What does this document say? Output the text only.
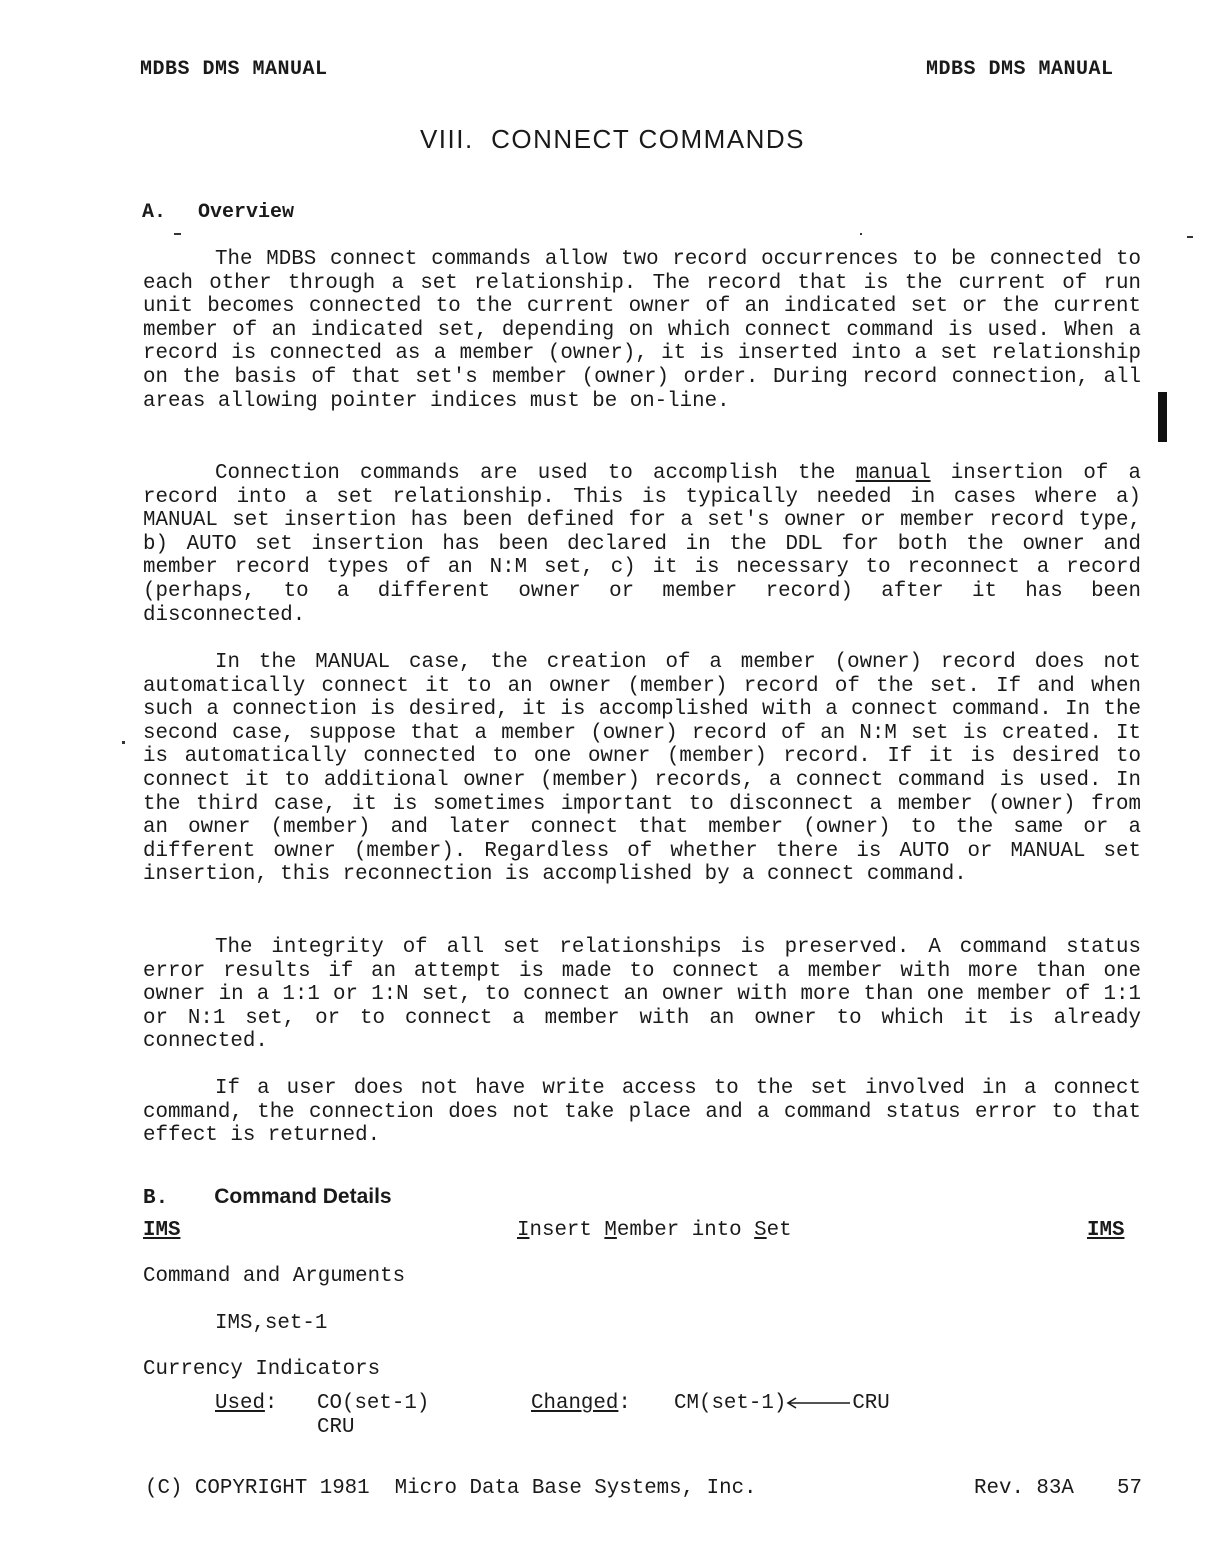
MDBS DMS MANUAL	MDBS DMS MANUAL
VIII.  CONNECT COMMANDS
A. Overview
The MDBS connect commands allow two record occurrences to be connected to each other through a set relationship. The record that is the current of run unit becomes connected to the current owner of an indicated set or the current member of an indicated set, depending on which connect command is used. When a record is connected as a member (owner), it is inserted into a set relationship on the basis of that set's member (owner) order. During record connection, all areas allowing pointer indices must be on-line.
Connection commands are used to accomplish the manual insertion of a record into a set relationship. This is typically needed in cases where a) MANUAL set insertion has been defined for a set's owner or member record type, b) AUTO set insertion has been declared in the DDL for both the owner and member record types of an N:M set, c) it is necessary to reconnect a record (perhaps, to a different owner or member record) after it has been disconnected.
In the MANUAL case, the creation of a member (owner) record does not automatically connect it to an owner (member) record of the set. If and when such a connection is desired, it is accomplished with a connect command. In the second case, suppose that a member (owner) record of an N:M set is created. It is automatically connected to one owner (member) record. If it is desired to connect it to additional owner (member) records, a connect command is used. In the third case, it is sometimes important to disconnect a member (owner) from an owner (member) and later connect that member (owner) to the same or a different owner (member). Regardless of whether there is AUTO or MANUAL set insertion, this reconnection is accomplished by a connect command.
The integrity of all set relationships is preserved. A command status error results if an attempt is made to connect a member with more than one owner in a 1:1 or 1:N set, to connect an owner with more than one member of 1:1 or N:1 set, or to connect a member with an owner to which it is already connected.
If a user does not have write access to the set involved in a connect command, the connection does not take place and a command status error to that effect is returned.
B. Command Details
IMS	Insert Member into Set	IMS
Command and Arguments
IMS,set-1
Currency Indicators
Used: CO(set-1)
CRU
Changed: CM(set-1)	CRU
(C) COPYRIGHT 1981  Micro Data Base Systems, Inc.	Rev. 83A 57
